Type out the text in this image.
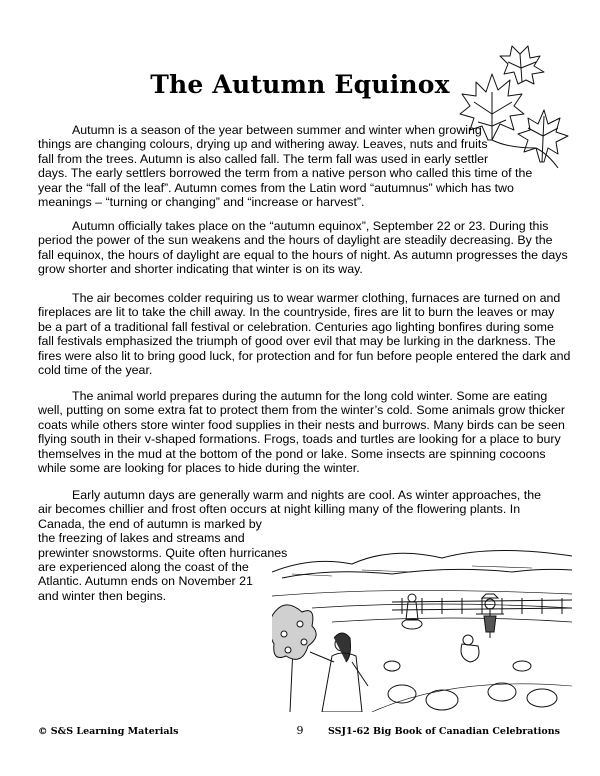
The Autumn Equinox
Autumn is a season of the year between summer and winter when growing
things are changing colours, drying up and withering away. Leaves, nuts and fruits
fall from the trees. Autumn is also called fall. The term fall was used in early settler
days. The early settlers borrowed the term from a native person who called this time of the
year the “fall of the leaf”. Autumn comes from the Latin word “autumnus” which has two
meanings – “turning or changing” and “increase or harvest”.
Autumn officially takes place on the “autumn equinox”, September 22 or 23. During this
period the power of the sun weakens and the hours of daylight are steadily decreasing. By the
fall equinox, the hours of daylight are equal to the hours of night. As autumn progresses the days
grow shorter and shorter indicating that winter is on its way.
The air becomes colder requiring us to wear warmer clothing, furnaces are turned on and
fireplaces are lit to take the chill away. In the countryside, fires are lit to burn the leaves or may
be a part of a traditional fall festival or celebration. Centuries ago lighting bonfires during some
fall festivals emphasized the triumph of good over evil that may be lurking in the darkness. The
fires were also lit to bring good luck, for protection and for fun before people entered the dark and
cold time of the year.
The animal world prepares during the autumn for the long cold winter. Some are eating
well, putting on some extra fat to protect them from the winter’s cold. Some animals grow thicker
coats while others store winter food supplies in their nests and burrows. Many birds can be seen
flying south in their v-shaped formations. Frogs, toads and turtles are looking for a place to bury
themselves in the mud at the bottom of the pond or lake. Some insects are spinning cocoons
while some are looking for places to hide during the winter.
Early autumn days are generally warm and nights are cool. As winter approaches, the
air becomes chillier and frost often occurs at night killing many of the flowering plants. In
Canada, the end of autumn is marked by
the freezing of lakes and streams and
prewinter snowstorms. Quite often hurricanes
are experienced along the coast of the
Atlantic. Autumn ends on November 21
and winter then begins.
© S&S Learning Materials	9	SSJ1-62 Big Book of Canadian Celebrations
